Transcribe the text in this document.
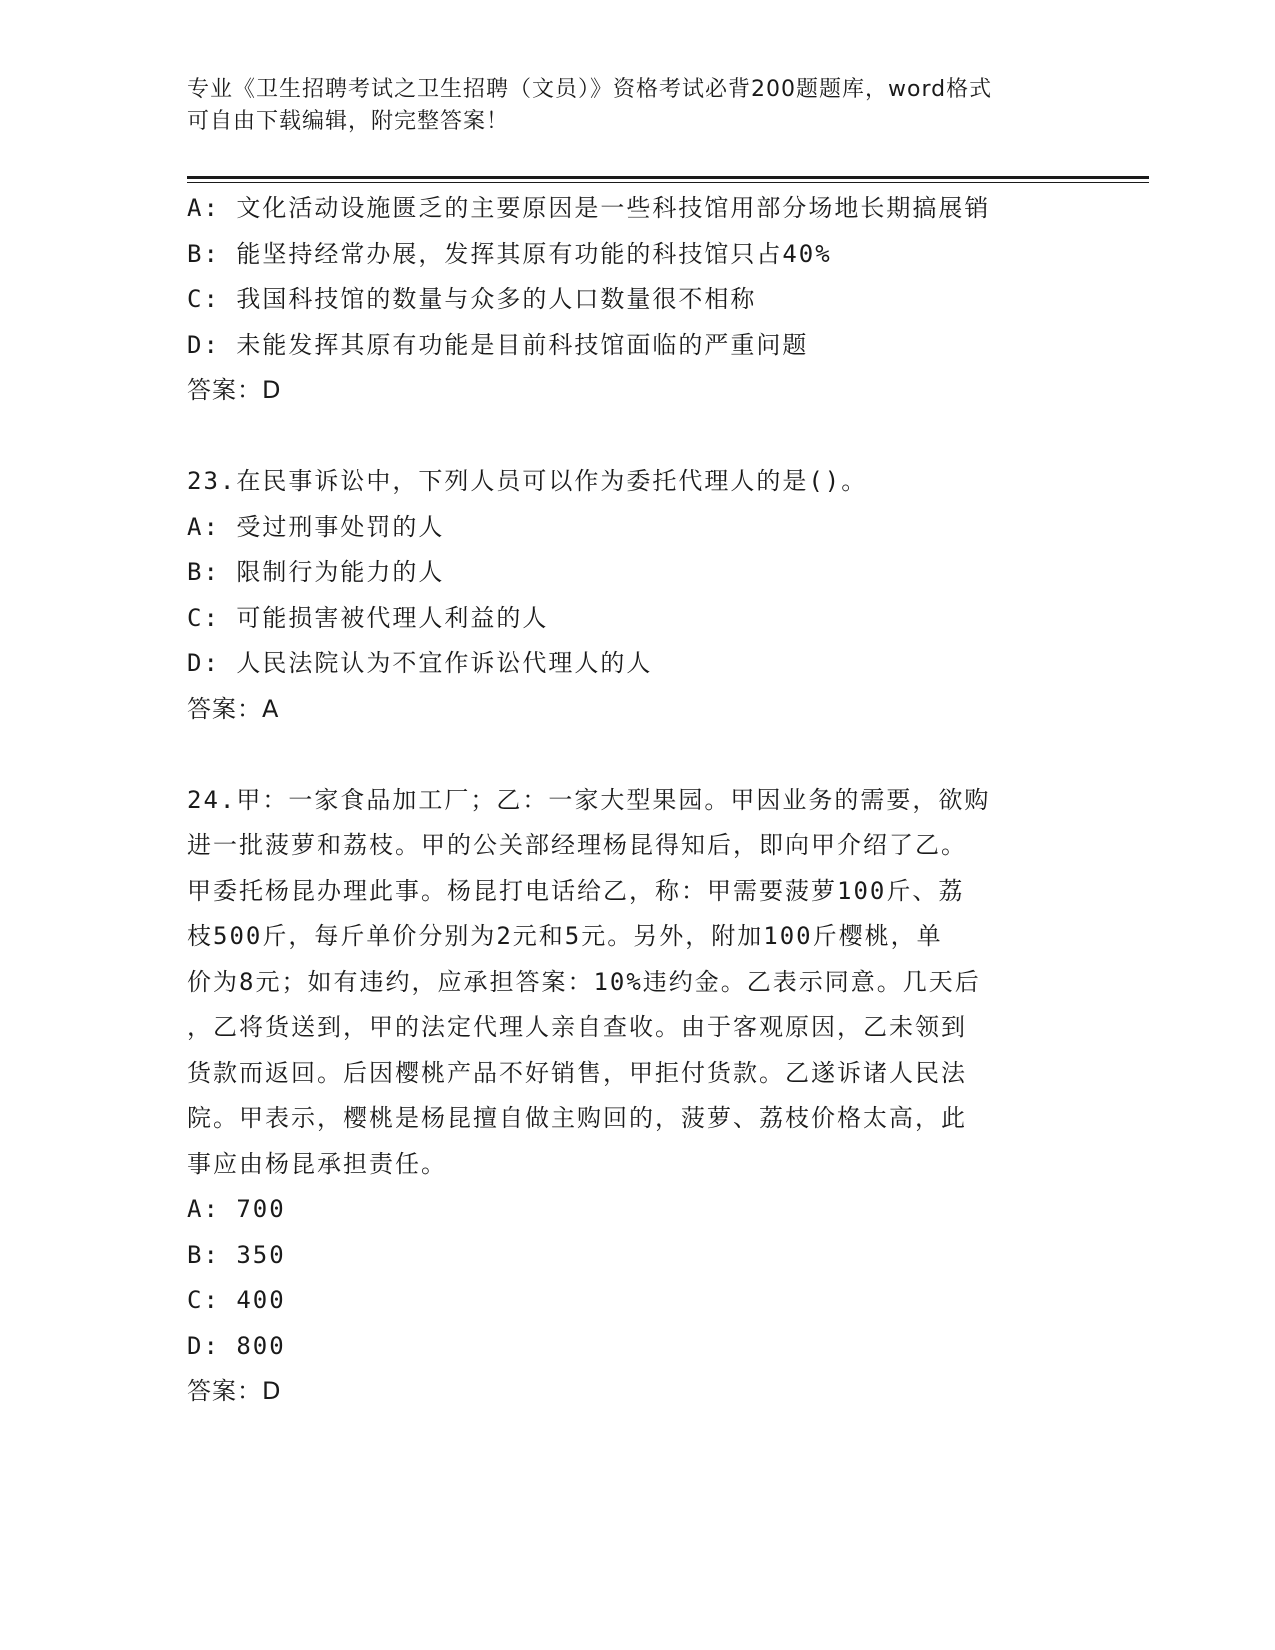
专业《卫生招聘考试之卫生招聘（文员）》资格考试必背200题题库，word格式
可自由下载编辑，附完整答案！
A: 文化活动设施匮乏的主要原因是一些科技馆用部分场地长期搞展销
B: 能坚持经常办展，发挥其原有功能的科技馆只占40%
C: 我国科技馆的数量与众多的人口数量很不相称
D: 未能发挥其原有功能是目前科技馆面临的严重问题
答案：D
23.在民事诉讼中，下列人员可以作为委托代理人的是()。
A: 受过刑事处罚的人
B: 限制行为能力的人
C: 可能损害被代理人利益的人
D: 人民法院认为不宜作诉讼代理人的人
答案：A
24.甲：一家食品加工厂；乙：一家大型果园。甲因业务的需要，欲购
进一批菠萝和荔枝。甲的公关部经理杨昆得知后，即向甲介绍了乙。
甲委托杨昆办理此事。杨昆打电话给乙，称：甲需要菠萝100斤、荔
枝500斤，每斤单价分别为2元和5元。另外，附加100斤樱桃，单
价为8元；如有违约，应承担答案：10%违约金。乙表示同意。几天后
，乙将货送到，甲的法定代理人亲自查收。由于客观原因，乙未领到
货款而返回。后因樱桃产品不好销售，甲拒付货款。乙遂诉诸人民法
院。甲表示，樱桃是杨昆擅自做主购回的，菠萝、荔枝价格太高，此
事应由杨昆承担责任。
A: 700
B: 350
C: 400
D: 800
答案：D
